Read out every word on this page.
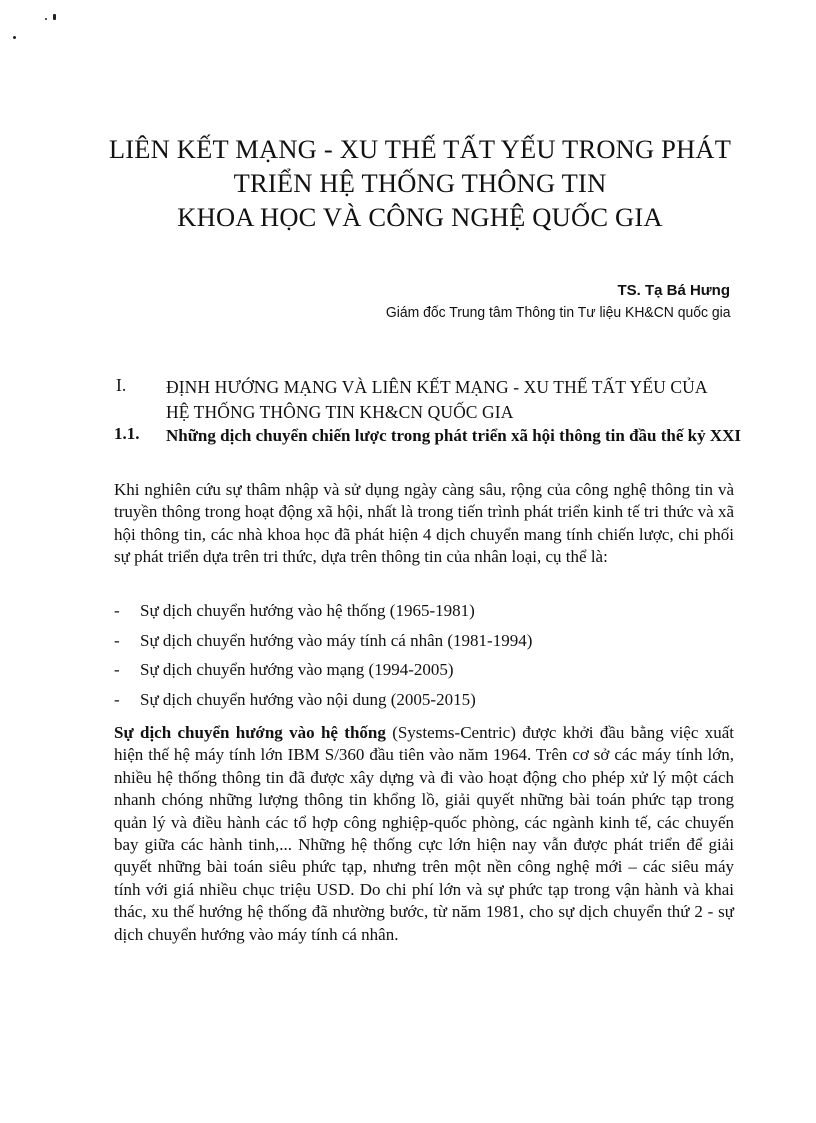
LIÊN KẾT MẠNG - XU THẾ TẤT YẾU TRONG PHÁT
TRIỂN HỆ THỐNG THÔNG TIN
KHOA HỌC VÀ CÔNG NGHỆ QUỐC GIA
TS. Tạ Bá Hưng
Giám đốc Trung tâm Thông tin Tư liệu KH&CN quốc gia
I. ĐỊNH HƯỚNG MẠNG VÀ LIÊN KẾT MẠNG - XU THẾ TẤT YẾU CỦA HỆ THỐNG THÔNG TIN KH&CN QUỐC GIA
1.1. Những dịch chuyển chiến lược trong phát triển xã hội thông tin đầu thế kỷ XXI
Khi nghiên cứu sự thâm nhập và sử dụng ngày càng sâu, rộng của công nghệ thông tin và truyền thông trong hoạt động xã hội, nhất là trong tiến trình phát triển kinh tế tri thức và xã hội thông tin, các nhà khoa học đã phát hiện 4 dịch chuyển mang tính chiến lược, chi phối sự phát triển dựa trên tri thức, dựa trên thông tin của nhân loại, cụ thể là:
-	Sự dịch chuyển hướng vào hệ thống (1965-1981)
-	Sự dịch chuyển hướng vào máy tính cá nhân (1981-1994)
-	Sự dịch chuyển hướng vào mạng (1994-2005)
-	Sự dịch chuyển hướng vào nội dung (2005-2015)
Sự dịch chuyển hướng vào hệ thống (Systems-Centric) được khởi đầu bằng việc xuất hiện thế hệ máy tính lớn IBM S/360 đầu tiên vào năm 1964. Trên cơ sở các máy tính lớn, nhiều hệ thống thông tin đã được xây dựng và đi vào hoạt động cho phép xử lý một cách nhanh chóng những lượng thông tin khổng lồ, giải quyết những bài toán phức tạp trong quản lý và điều hành các tổ hợp công nghiệp-quốc phòng, các ngành kinh tế, các chuyến bay giữa các hành tinh,... Những hệ thống cực lớn hiện nay vẫn được phát triển để giải quyết những bài toán siêu phức tạp, nhưng trên một nền công nghệ mới – các siêu máy tính với giá nhiều chục triệu USD. Do chi phí lớn và sự phức tạp trong vận hành và khai thác, xu thế hướng hệ thống đã nhường bước, từ năm 1981, cho sự dịch chuyển thứ 2 - sự dịch chuyển hướng vào máy tính cá nhân.
